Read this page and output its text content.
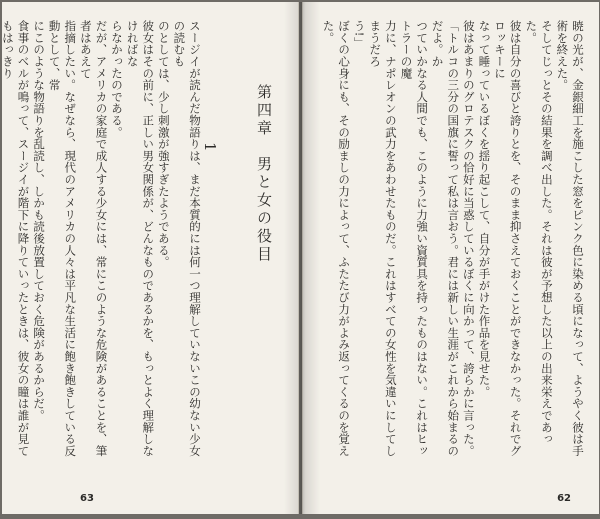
スージイが読んだ物語りは、まだ本質的には何一つ理解していないこの幼ない少女の読むも
のとしては、少し刺激が強すぎたようである。
彼女はその前に、正しい男女関係が、どんなものであるかを、もっとよく理解しなければな
らなかったのである。
だが、アメリカの家庭で成人する少女には、常にこのような危険があることを、筆者はあえて
指摘したい。なぜなら、現代のアメリカの人々は平凡な生活に飽き飽きしている反動として、常
にこのような物語りを乱読し、しかも読後放置しておく危険があるからだ。
食事のベルが鳴って、スージイが階下に降りていったときは、彼女の瞳は誰が見てもはっきり
第四章　男と女の役目
1
63
暁の光が、金銀細工を施こした窓をピンク色に染める頃になって、ようやく彼は手術を終えた。
そしてじっとその結果を調べ出した。それは彼が予想した以上の出来栄えであった。
彼は自分の喜びと誇りとを、そのまま抑さえておくことができなかった。それでグロッキーに
なって睡っているぼくを揺り起こして、自分が手がけた作品を見せた。
彼はあまりのグロテスクの恰好に当惑しているぼくに向かって、誇らかに言った。
「トルコの三分の国旗に誓って私は言おう。君には新しい生涯がこれから始まるのだよ。か
つていかなる人間でも、このように力強い資質具を持ったものはない。これはヒットラーの魔
力に、ナポレオンの武力をあわせたものだ。これはすべての女性を気違いにしてしまうだろ
う!」
ぼくの心身にも、その励ましの力によって、ふたたび力がよみ返ってくるのを覚えた。
62
